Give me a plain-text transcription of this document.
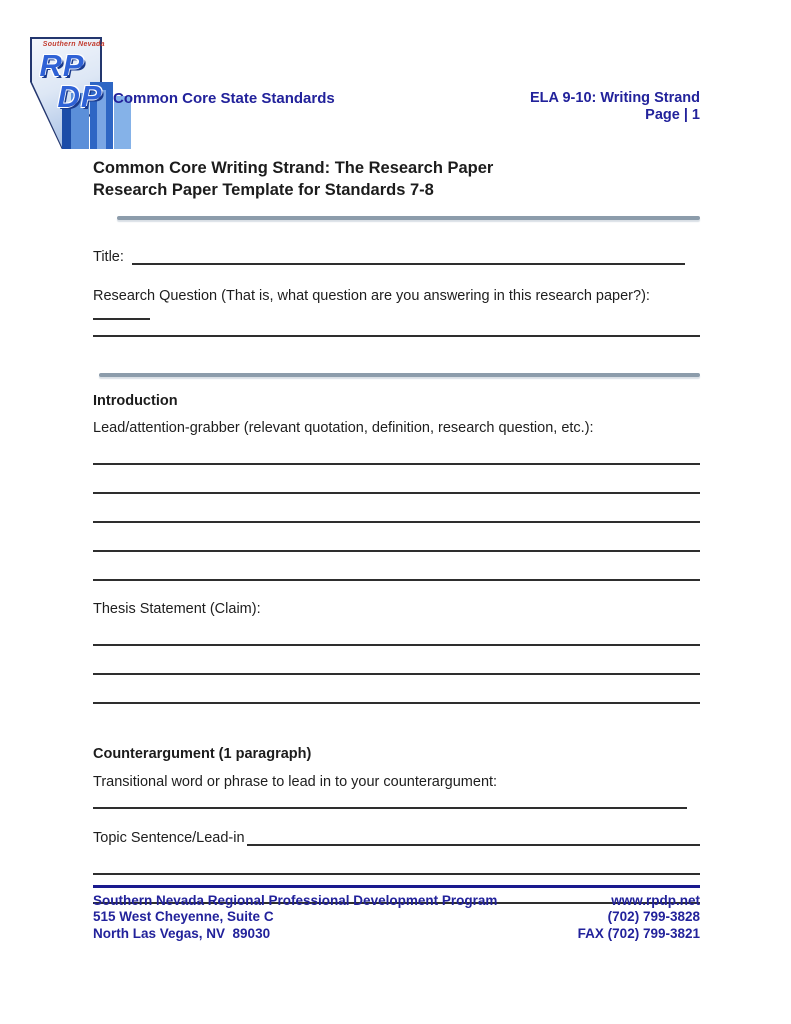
Southern Nevada
RP
DP Common Core State Standards	ELA 9-10: Writing Strand
Page | 1
Common Core Writing Strand: The Research Paper
Research Paper Template for Standards 7-8
Title:
Research Question (That is, what question are you answering in this research paper?):
Introduction
Lead/attention-grabber (relevant quotation, definition, research question, etc.):
Thesis Statement (Claim):
Counterargument (1 paragraph)
Transitional word or phrase to lead in to your counterargument:
Topic Sentence/Lead-in
Southern Nevada Regional Professional Development Program
515 West Cheyenne, Suite C
North Las Vegas, NV  89030
www.rpdp.net
(702) 799-3828
FAX (702) 799-3821
